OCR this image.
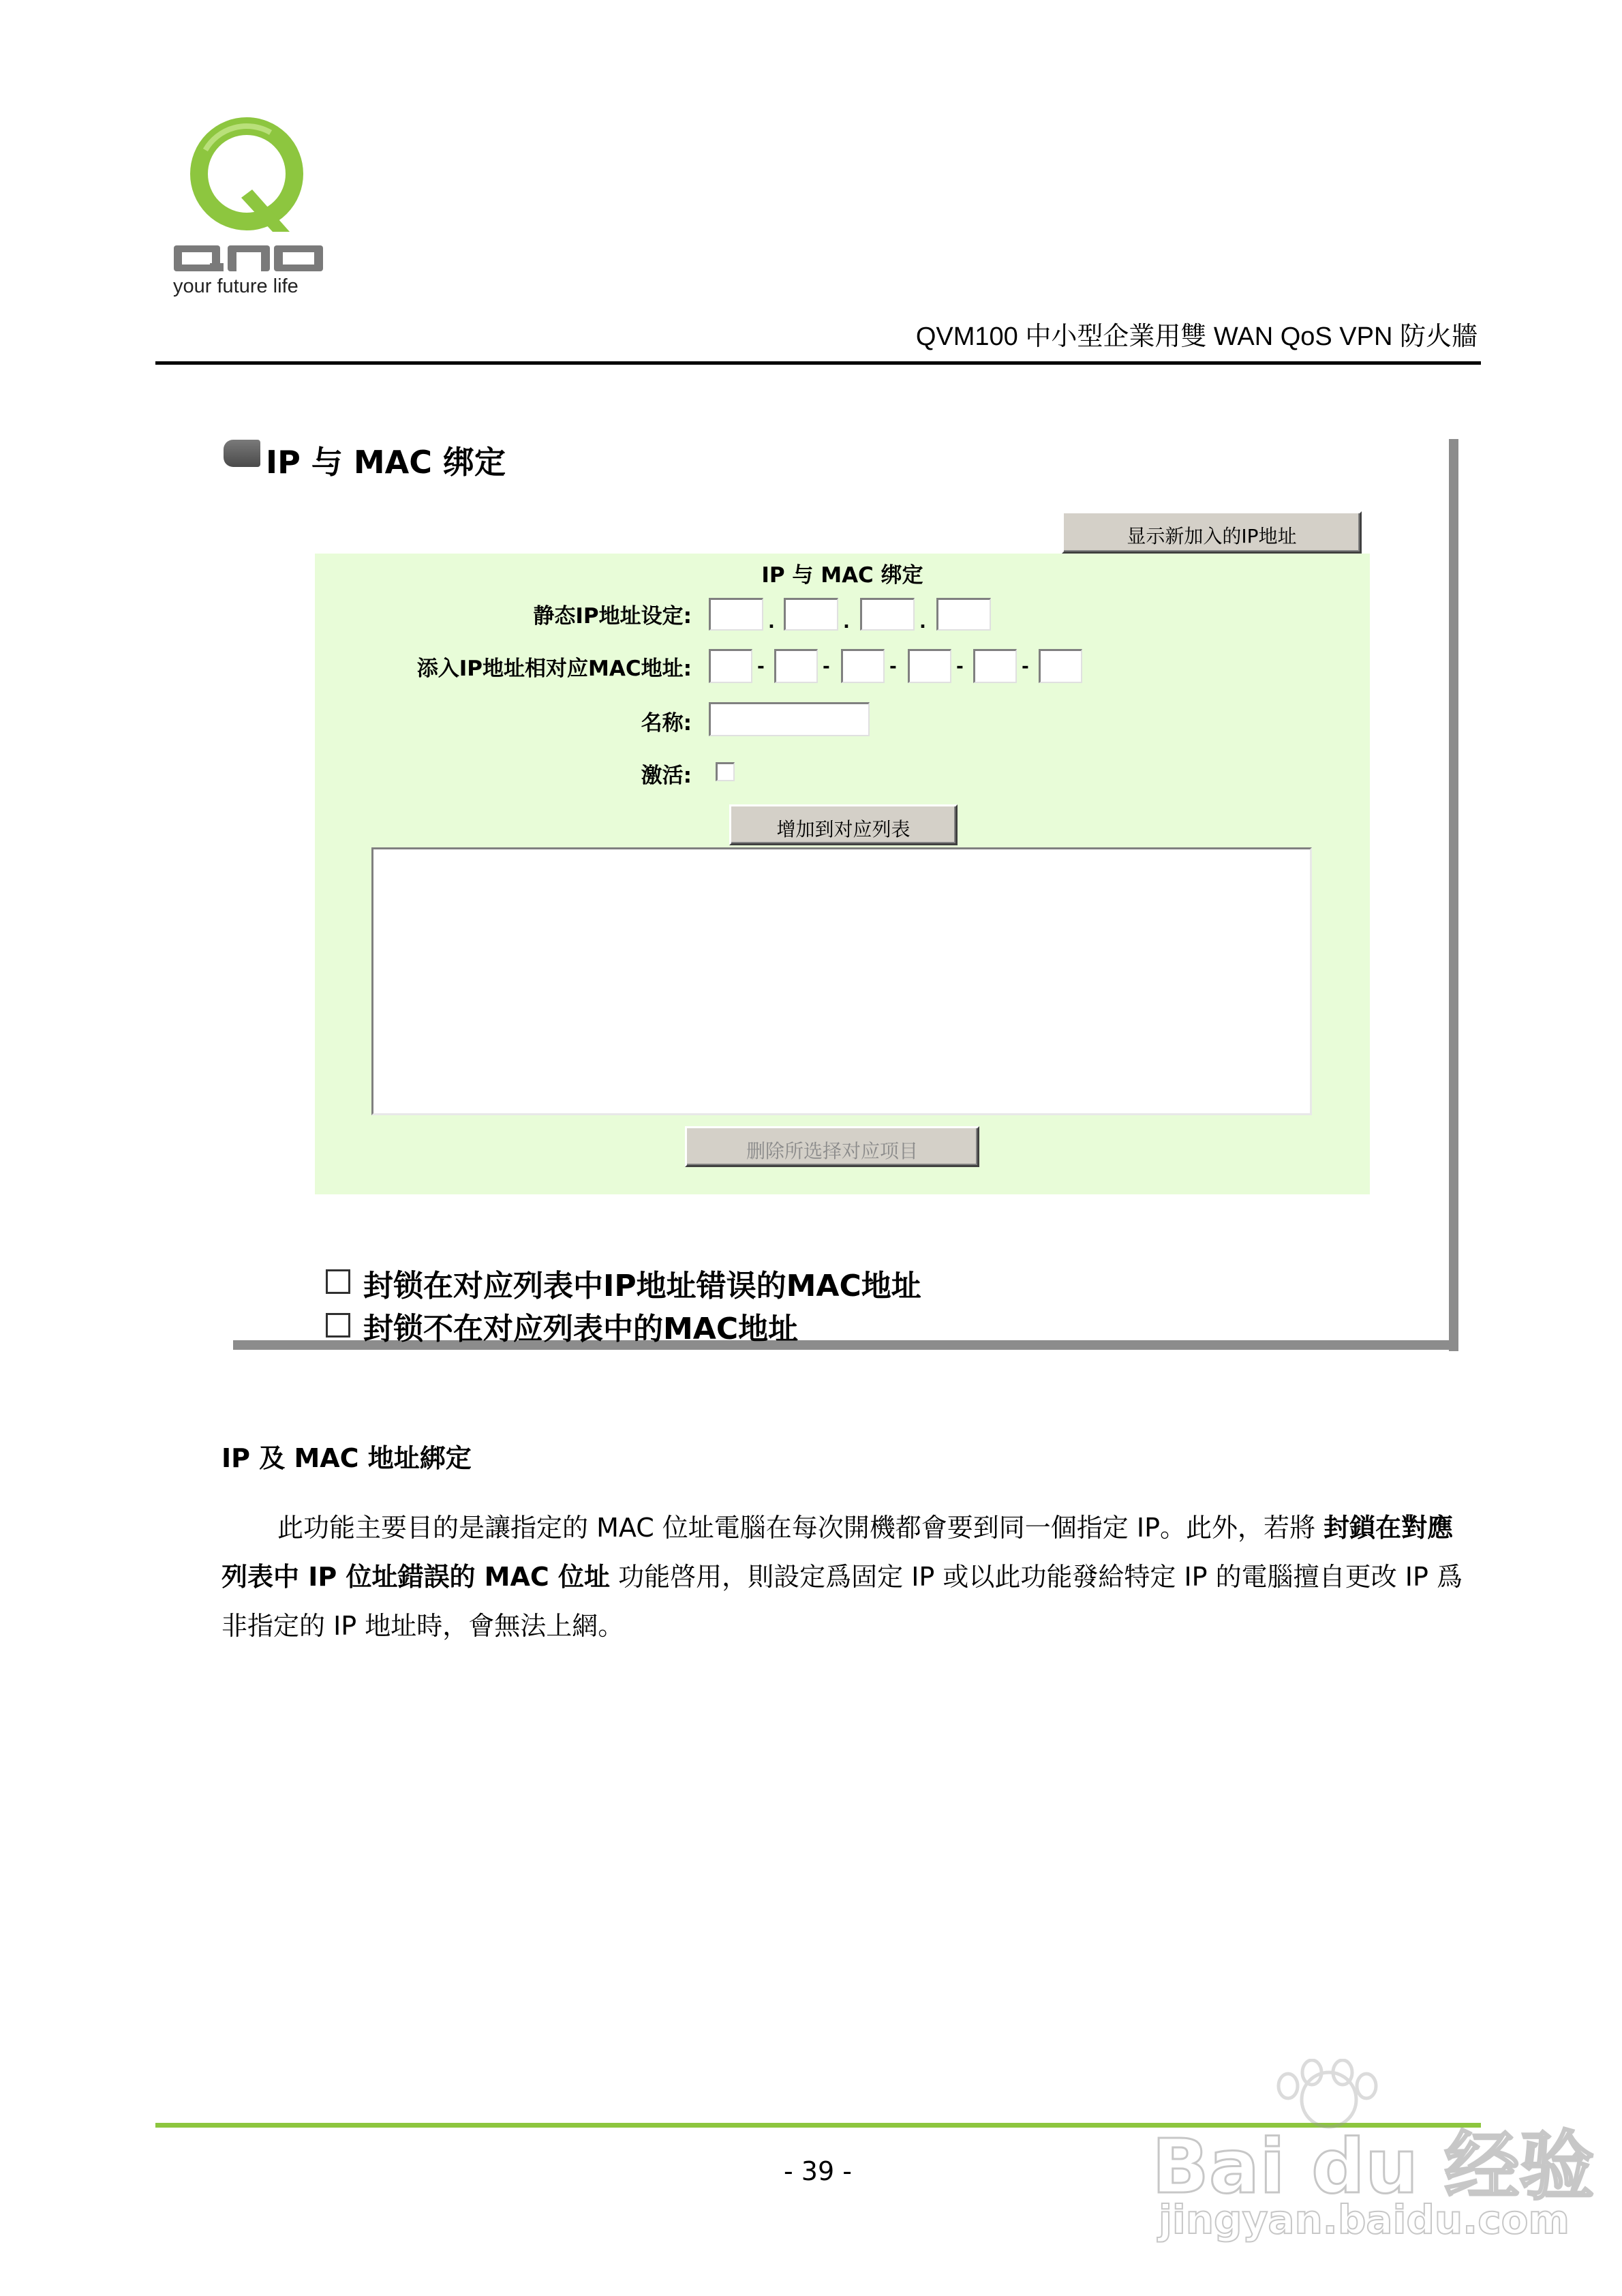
your future life
QVM100 中小型企業用雙 WAN QoS VPN 防火牆
IP 与 MAC 绑定
显示新加入的IP地址
IP 与 MAC 绑定
静态IP地址设定:	.	.	.
添入IP地址相对应MAC地址:	-	-	-	-	-
名称:
激活:
增加到对应列表
删除所选择对应项目
封锁在对应列表中IP地址错误的MAC地址
封锁不在对应列表中的MAC地址
IP 及 MAC 地址綁定
此功能主要目的是讓指定的 MAC 位址電腦在每次開機都會要到同一個指定 IP。此外，若將 封鎖在對應列表中 IP 位址錯誤的 MAC 位址 功能啓用，則設定爲固定 IP 或以此功能發給特定 IP 的電腦擅自更改 IP 爲非指定的 IP 地址時，會無法上網。
- 39 -	Bai du 经验
jingyan.baidu.com
